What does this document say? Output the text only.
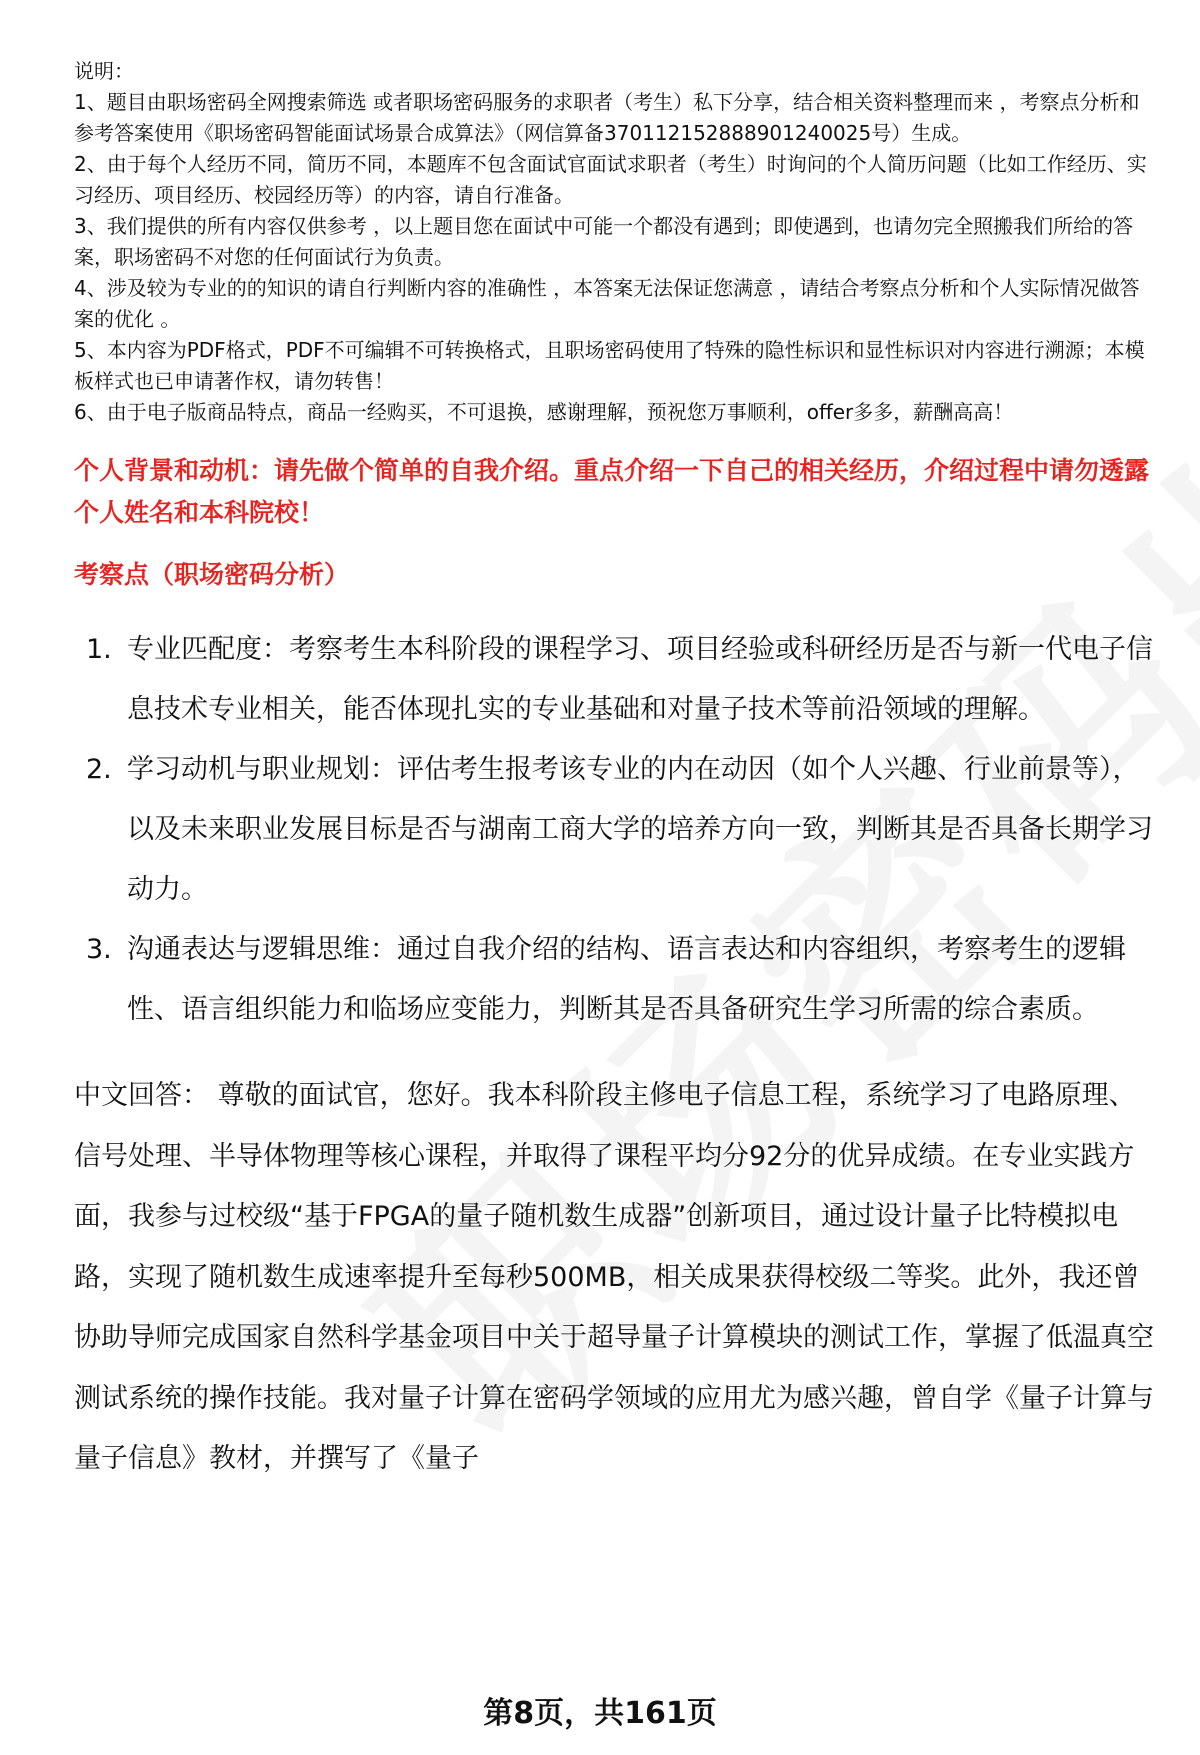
说明：

1、题目由职场密码全网搜索筛选 或者职场密码服务的求职者（考生）私下分享，结合相关资料整理而来 ，考察点分析和参考答案使用《职场密码智能面试场景合成算法》（网信算备370112152888901240025号）生成。

2、由于每个人经历不同，简历不同，本题库不包含面试官面试求职者（考生）时询问的个人简历问题（比如工作经历、实习经历、项目经历、校园经历等）的内容，请自行准备。

3、我们提供的所有内容仅供参考 ，以上题目您在面试中可能一个都没有遇到；即使遇到，也请勿完全照搬我们所给的答案，职场密码不对您的任何面试行为负责。

4、涉及较为专业的的知识的请自行判断内容的准确性 ，本答案无法保证您满意 ，请结合考察点分析和个人实际情况做答案的优化 。

5、本内容为PDF格式，PDF不可编辑不可转换格式，且职场密码使用了特殊的隐性标识和显性标识对内容进行溯源；本模板样式也已申请著作权，请勿转售！

6、由于电子版商品特点，商品一经购买，不可退换，感谢理解，预祝您万事顺利，offer多多，薪酬高高！

个人背景和动机：请先做个简单的自我介绍。重点介绍一下自己的相关经历，介绍过程中请勿透露个人姓名和本科院校！

考察点（职场密码分析）

1. 专业匹配度：考察考生本科阶段的课程学习、项目经验或科研经历是否与新一代电子信息技术专业相关，能否体现扎实的专业基础和对量子技术等前沿领域的理解。
2. 学习动机与职业规划：评估考生报考该专业的内在动因（如个人兴趣、行业前景等），以及未来职业发展目标是否与湖南工商大学的培养方向一致，判断其是否具备长期学习动力。
3. 沟通表达与逻辑思维：通过自我介绍的结构、语言表达和内容组织，考察考生的逻辑性、语言组织能力和临场应变能力，判断其是否具备研究生学习所需的综合素质。

中文回答： 尊敬的面试官，您好。我本科阶段主修电子信息工程，系统学习了电路原理、信号处理、半导体物理等核心课程，并取得了课程平均分92分的优异成绩。在专业实践方面，我参与过校级“基于FPGA的量子随机数生成器”创新项目，通过设计量子比特模拟电路，实现了随机数生成速率提升至每秒500MB，相关成果获得校级二等奖。此外，我还曾协助导师完成国家自然科学基金项目中关于超导量子计算模块的测试工作，掌握了低温真空测试系统的操作技能。我对量子计算在密码学领域的应用尤为感兴趣，曾自学《量子计算与量子信息》教材，并撰写了《量子

第8页，共161页
